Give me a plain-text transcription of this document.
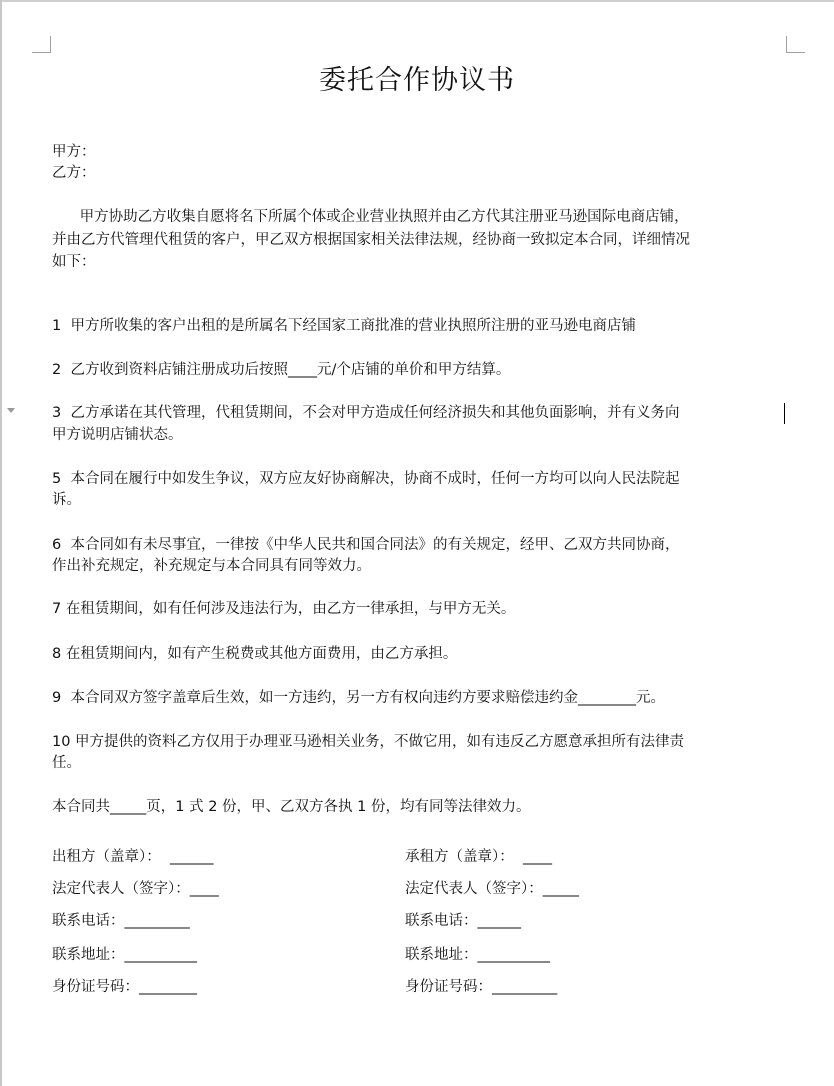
委托合作协议书
甲方：
乙方：
甲方协助乙方收集自愿将名下所属个体或企业营业执照并由乙方代其注册亚马逊国际电商店铺，
并由乙方代管理代租赁的客户，甲乙双方根据国家相关法律法规，经协商一致拟定本合同，详细情况
如下：
1  甲方所收集的客户出租的是所属名下经国家工商批准的营业执照所注册的亚马逊电商店铺
2  乙方收到资料店铺注册成功后按照____元/个店铺的单价和甲方结算。
3  乙方承诺在其代管理，代租赁期间，不会对甲方造成任何经济损失和其他负面影响，并有义务向
甲方说明店铺状态。
5  本合同在履行中如发生争议，双方应友好协商解决，协商不成时，任何一方均可以向人民法院起
诉。
6  本合同如有未尽事宜，一律按《中华人民共和国合同法》的有关规定，经甲、乙双方共同协商，
作出补充规定，补充规定与本合同具有同等效力。
7 在租赁期间，如有任何涉及违法行为，由乙方一律承担，与甲方无关。
8 在租赁期间内，如有产生税费或其他方面费用，由乙方承担。
9  本合同双方签字盖章后生效，如一方违约，另一方有权向违约方要求赔偿违约金________元。
10 甲方提供的资料乙方仅用于办理亚马逊相关业务，不做它用，如有违反乙方愿意承担所有法律责
任。
本合同共_____页，1 式 2 份，甲、乙双方各执 1 份，均有同等法律效力。
出租方（盖章）：  ______
法定代表人（签字）：____
联系电话：_________
联系地址：__________
身份证号码：________
承租方（盖章）：  ____
法定代表人（签字）：_____
联系电话：______
联系地址：__________
身份证号码：_________
